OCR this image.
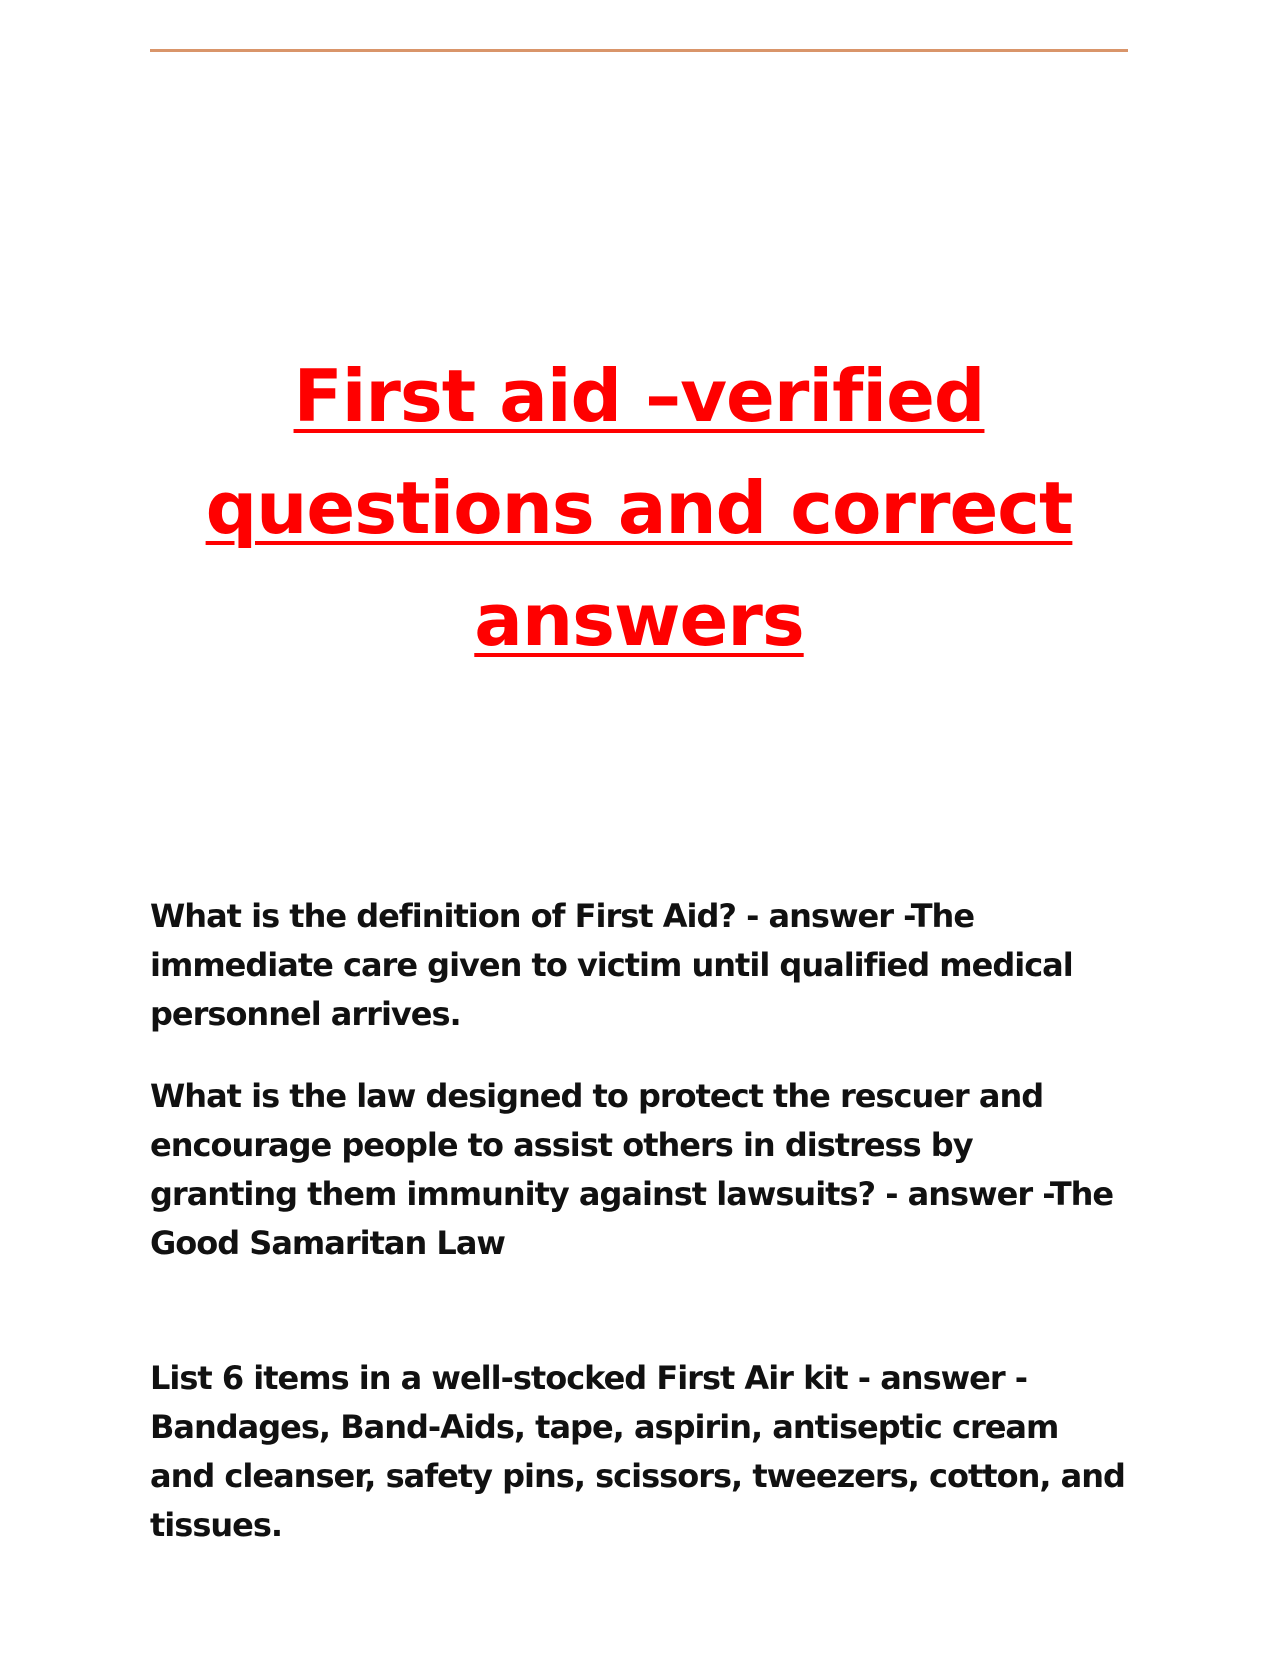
First aid –verified questions and correct answers

What is the definition of First Aid? - answer -The immediate care given to victim until qualified medical personnel arrives.

What is the law designed to protect the rescuer and encourage people to assist others in distress by granting them immunity against lawsuits? - answer -The Good Samaritan Law

List 6 items in a well-stocked First Air kit - answer -Bandages, Band-Aids, tape, aspirin, antiseptic cream and cleanser, safety pins, scissors, tweezers, cotton, and tissues.
